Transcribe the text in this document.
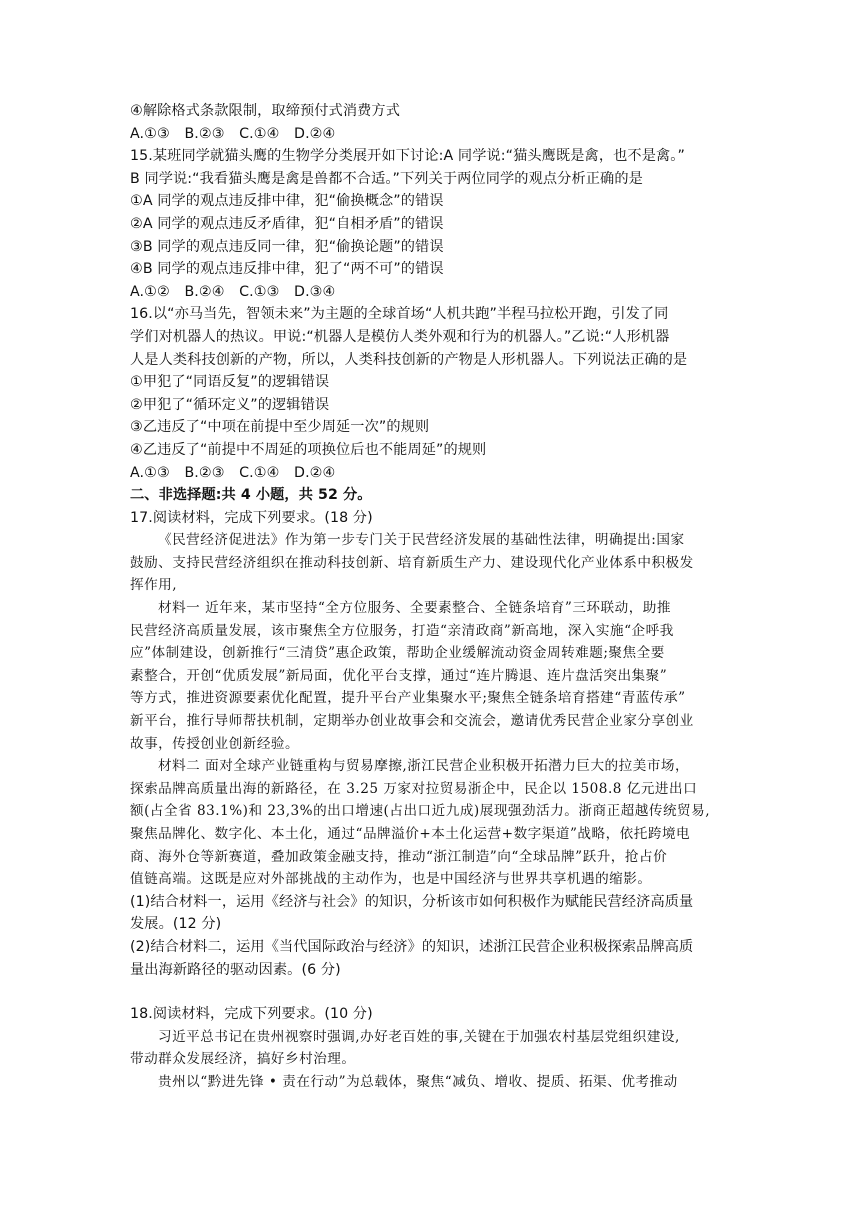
④解除格式条款限制，取缔预付式消费方式
A.①③ B.②③ C.①④ D.②④
15.某班同学就猫头鹰的生物学分类展开如下讨论:A 同学说:“猫头鹰既是禽，也不是禽。”
B 同学说:“我看猫头鹰是禽是兽都不合适。”下列关于两位同学的观点分析正确的是
①A 同学的观点违反排中律，犯“偷换概念”的错误
②A 同学的观点违反矛盾律，犯“自相矛盾”的错误
③B 同学的观点违反同一律，犯“偷换论题”的错误
④B 同学的观点违反排中律，犯了“两不可”的错误
A.①② B.②④ C.①③ D.③④
16.以“亦马当先，智领未来”为主题的全球首场“人机共跑”半程马拉松开跑，引发了同
学们对机器人的热议。甲说:“机器人是模仿人类外观和行为的机器人。”乙说:“人形机器
人是人类科技创新的产物，所以，人类科技创新的产物是人形机器人。下列说法正确的是
①甲犯了“同语反复”的逻辑错误
②甲犯了“循环定义”的逻辑错误
③乙违反了“中项在前提中至少周延一次”的规则
④乙违反了“前提中不周延的项换位后也不能周延”的规则
A.①③ B.②③ C.①④ D.②④
二、非选择题:共 4 小题，共 52 分。
17.阅读材料，完成下列要求。(18 分)
《民营经济促进法》作为第一步专门关于民营经济发展的基础性法律，明确提出:国家
鼓励、支持民营经济组织在推动科技创新、培育新质生产力、建设现代化产业体系中积极发
挥作用,
材料一 近年来，某市坚持“全方位服务、全要素整合、全链条培育”三环联动，助推
民营经济高质量发展，该市聚焦全方位服务，打造“亲清政商”新高地，深入实施“企呼我
应”体制建设，创新推行“三清贷”惠企政策，帮助企业缓解流动资金周转难题;聚焦全要
素整合，开创“优质发展”新局面，优化平台支撑，通过“连片腾退、连片盘活突出集聚”
等方式，推进资源要素优化配置，提升平台产业集聚水平;聚焦全链条培育搭建“青蓝传承”
新平台，推行导师帮扶机制，定期举办创业故事会和交流会，邀请优秀民营企业家分享创业
故事，传授创业创新经验。
材料二 面对全球产业链重构与贸易摩擦,浙江民营企业积极开拓潜力巨大的拉美市场，
探索品牌高质量出海的新路径，在 3.25 万家对拉贸易浙企中，民企以 1508.8 亿元进出口
额(占全省 83.1%)和 23,3%的出口增速(占出口近九成)展现强劲活力。浙商正超越传统贸易,
聚焦品牌化、数字化、本土化，通过“品牌溢价+本土化运营+数字渠道”战略，依托跨境电
商、海外仓等新赛道，叠加政策金融支持，推动“浙江制造”向“全球品牌”跃升，抢占价
值链高端。这既是应对外部挑战的主动作为，也是中国经济与世界共享机遇的缩影。
(1)结合材料一，运用《经济与社会》的知识，分析该市如何积极作为赋能民营经济高质量
发展。(12 分)
(2)结合材料二，运用《当代国际政治与经济》的知识，述浙江民营企业积极探索品牌高质
量出海新路径的驱动因素。(6 分)
18.阅读材料，完成下列要求。(10 分)
习近平总书记在贵州视察时强调,办好老百姓的事,关键在于加强农村基层党组织建设,
带动群众发展经济，搞好乡村治理。
贵州以“黔进先锋 • 责在行动”为总载体，聚焦“减负、增收、提质、拓渠、优考推动
